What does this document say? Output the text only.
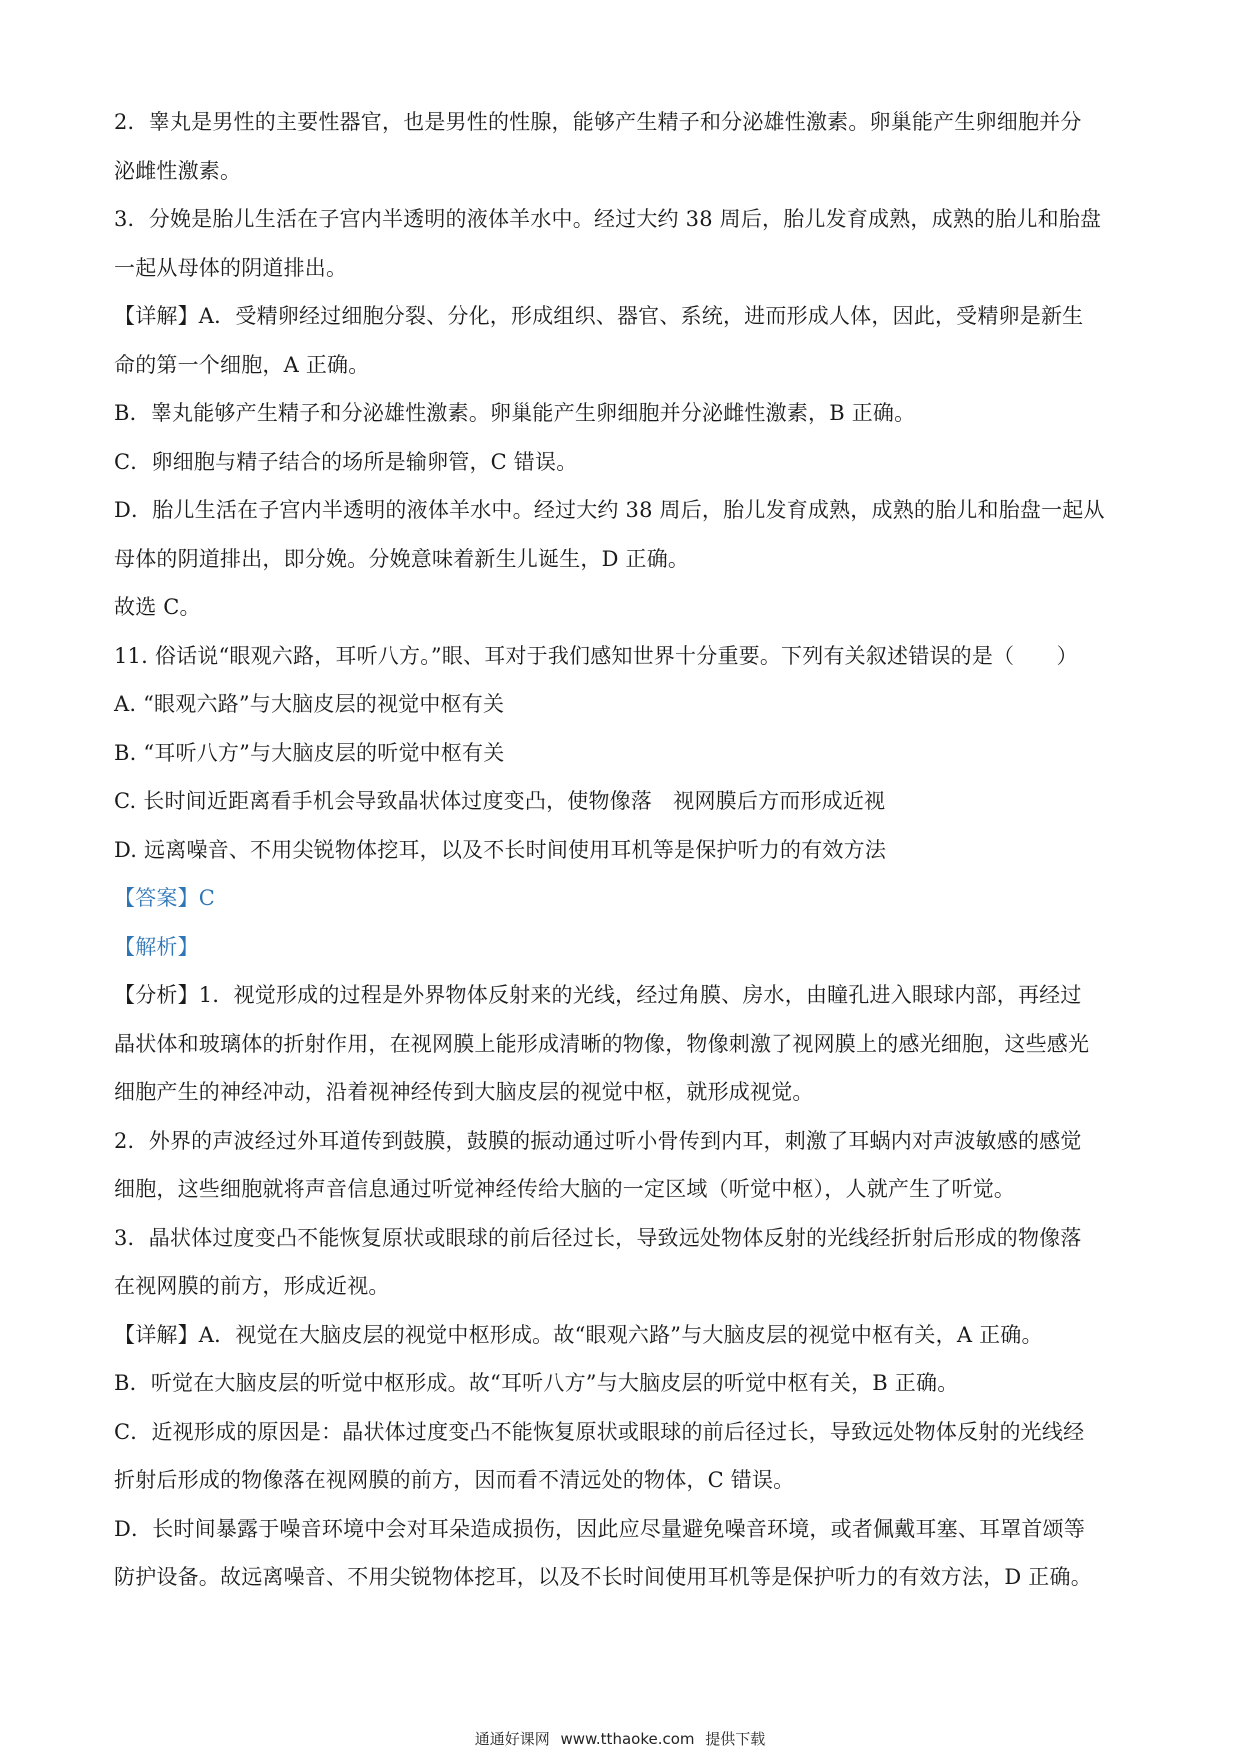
2．睾丸是男性的主要性器官，也是男性的性腺，能够产生精子和分泌雄性激素。卵巢能产生卵细胞并分

泌雌性激素。

3．分娩是胎儿生活在子宫内半透明的液体羊水中。经过大约 38 周后，胎儿发育成熟，成熟的胎儿和胎盘

一起从母体的阴道排出。

【详解】A．受精卵经过细胞分裂、分化，形成组织、器官、系统，进而形成人体，因此，受精卵是新生

命的第一个细胞，A 正确。

B．睾丸能够产生精子和分泌雄性激素。卵巢能产生卵细胞并分泌雌性激素，B 正确。

C．卵细胞与精子结合的场所是输卵管，C 错误。

D．胎儿生活在子宫内半透明的液体羊水中。经过大约 38 周后，胎儿发育成熟，成熟的胎儿和胎盘一起从

母体的阴道排出，即分娩。分娩意味着新生儿诞生，D 正确。

故选 C。

11. 俗话说“眼观六路，耳听八方。”眼、耳对于我们感知世界十分重要。下列有关叙述错误的是（　　）

A. “眼观六路”与大脑皮层的视觉中枢有关

B. “耳听八方”与大脑皮层的听觉中枢有关

C. 长时间近距离看手机会导致晶状体过度变凸，使物像落　视网膜后方而形成近视

D. 远离噪音、不用尖锐物体挖耳，以及不长时间使用耳机等是保护听力的有效方法

【答案】C

【解析】

【分析】1．视觉形成的过程是外界物体反射来的光线，经过角膜、房水，由瞳孔进入眼球内部，再经过

晶状体和玻璃体的折射作用，在视网膜上能形成清晰的物像，物像刺激了视网膜上的感光细胞，这些感光

细胞产生的神经冲动，沿着视神经传到大脑皮层的视觉中枢，就形成视觉。

2．外界的声波经过外耳道传到鼓膜，鼓膜的振动通过听小骨传到内耳，刺激了耳蜗内对声波敏感的感觉

细胞，这些细胞就将声音信息通过听觉神经传给大脑的一定区域（听觉中枢），人就产生了听觉。

3．晶状体过度变凸不能恢复原状或眼球的前后径过长，导致远处物体反射的光线经折射后形成的物像落

在视网膜的前方，形成近视。

【详解】A．视觉在大脑皮层的视觉中枢形成。故“眼观六路”与大脑皮层的视觉中枢有关，A 正确。

B．听觉在大脑皮层的听觉中枢形成。故“耳听八方”与大脑皮层的听觉中枢有关，B 正确。

C．近视形成的原因是：晶状体过度变凸不能恢复原状或眼球的前后径过长，导致远处物体反射的光线经

折射后形成的物像落在视网膜的前方，因而看不清远处的物体，C 错误。

D．长时间暴露于噪音环境中会对耳朵造成损伤，因此应尽量避免噪音环境，或者佩戴耳塞、耳罩首颂等

防护设备。故远离噪音、不用尖锐物体挖耳，以及不长时间使用耳机等是保护听力的有效方法，D 正确。

通通好课网 www.tthaoke.com 提供下载
